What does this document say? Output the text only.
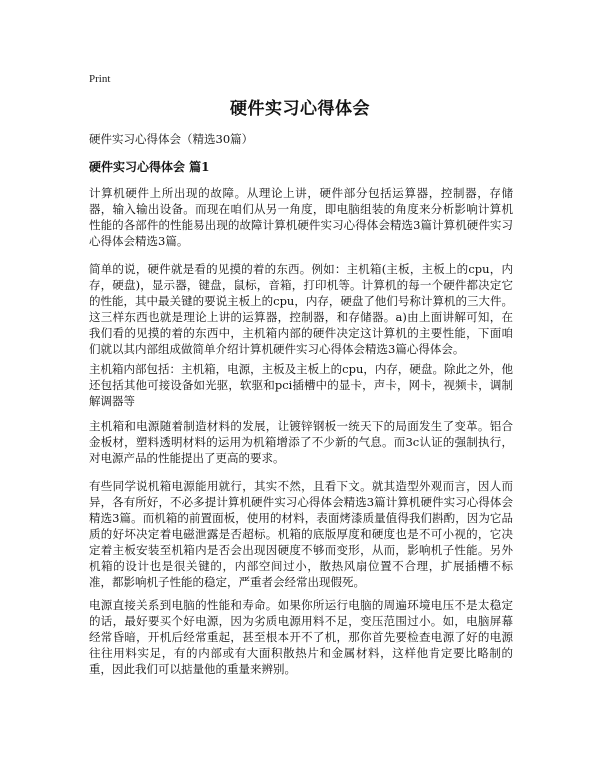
Print
硬件实习心得体会
硬件实习心得体会（精选30篇）
硬件实习心得体会 篇1

计算机硬件上所出现的故障。从理论上讲，硬件部分包括运算器，控制器，存储器，输入输出设备。而现在咱们从另一角度，即电脑组装的角度来分析影响计算机性能的各部件的性能易出现的故障计算机硬件实习心得体会精选3篇计算机硬件实习心得体会精选3篇。

简单的说，硬件就是看的见摸的着的东西。例如：主机箱(主板，主板上的cpu，内存，硬盘)，显示器，键盘，鼠标，音箱，打印机等。计算机的每一个硬件都决定它的性能，其中最关键的要说主板上的cpu，内存，硬盘了他们号称计算机的三大件。这三样东西也就是理论上讲的运算器，控制器，和存储器。a)由上面讲解可知，在我们看的见摸的着的东西中，主机箱内部的硬件决定这计算机的主要性能，下面咱们就以其内部组成做简单介绍计算机硬件实习心得体会精选3篇心得体会。

主机箱内部包括：主机箱，电源，主板及主板上的cpu，内存，硬盘。除此之外，他还包括其他可接设备如光驱，软驱和pci插槽中的显卡，声卡，网卡，视频卡，调制解调器等

主机箱和电源随着制造材料的发展，让镀锌钢板一统天下的局面发生了变革。铝合金板材，塑料透明材料的运用为机箱增添了不少新的气息。而3c认证的强制执行，对电源产品的性能提出了更高的要求。

有些同学说机箱电源能用就行，其实不然，且看下文。就其造型外观而言，因人而异，各有所好，不必多提计算机硬件实习心得体会精选3篇计算机硬件实习心得体会精选3篇。而机箱的前置面板，使用的材料，表面烤漆质量值得我们斟酌，因为它品质的好坏决定着电磁泄露是否超标。机箱的底版厚度和硬度也是不可小视的，它决定着主板安装至机箱内是否会出现因硬度不够而变形，从而，影响机子性能。另外机箱的设计也是很关键的，内部空间过小，散热风扇位置不合理，扩展插槽不标准，都影响机子性能的稳定，严重者会经常出现假死。

电源直接关系到电脑的性能和寿命。如果你所运行电脑的周遍环境电压不是太稳定的话，最好要买个好电源，因为劣质电源用料不足，变压范围过小。如，电脑屏幕经常昏暗，开机后经常重起，甚至根本开不了机，那你首先要检查电源了好的电源往往用料实足，有的内部或有大面积散热片和金属材料，这样他肯定要比略制的重，因此我们可以掂量他的重量来辨别。
